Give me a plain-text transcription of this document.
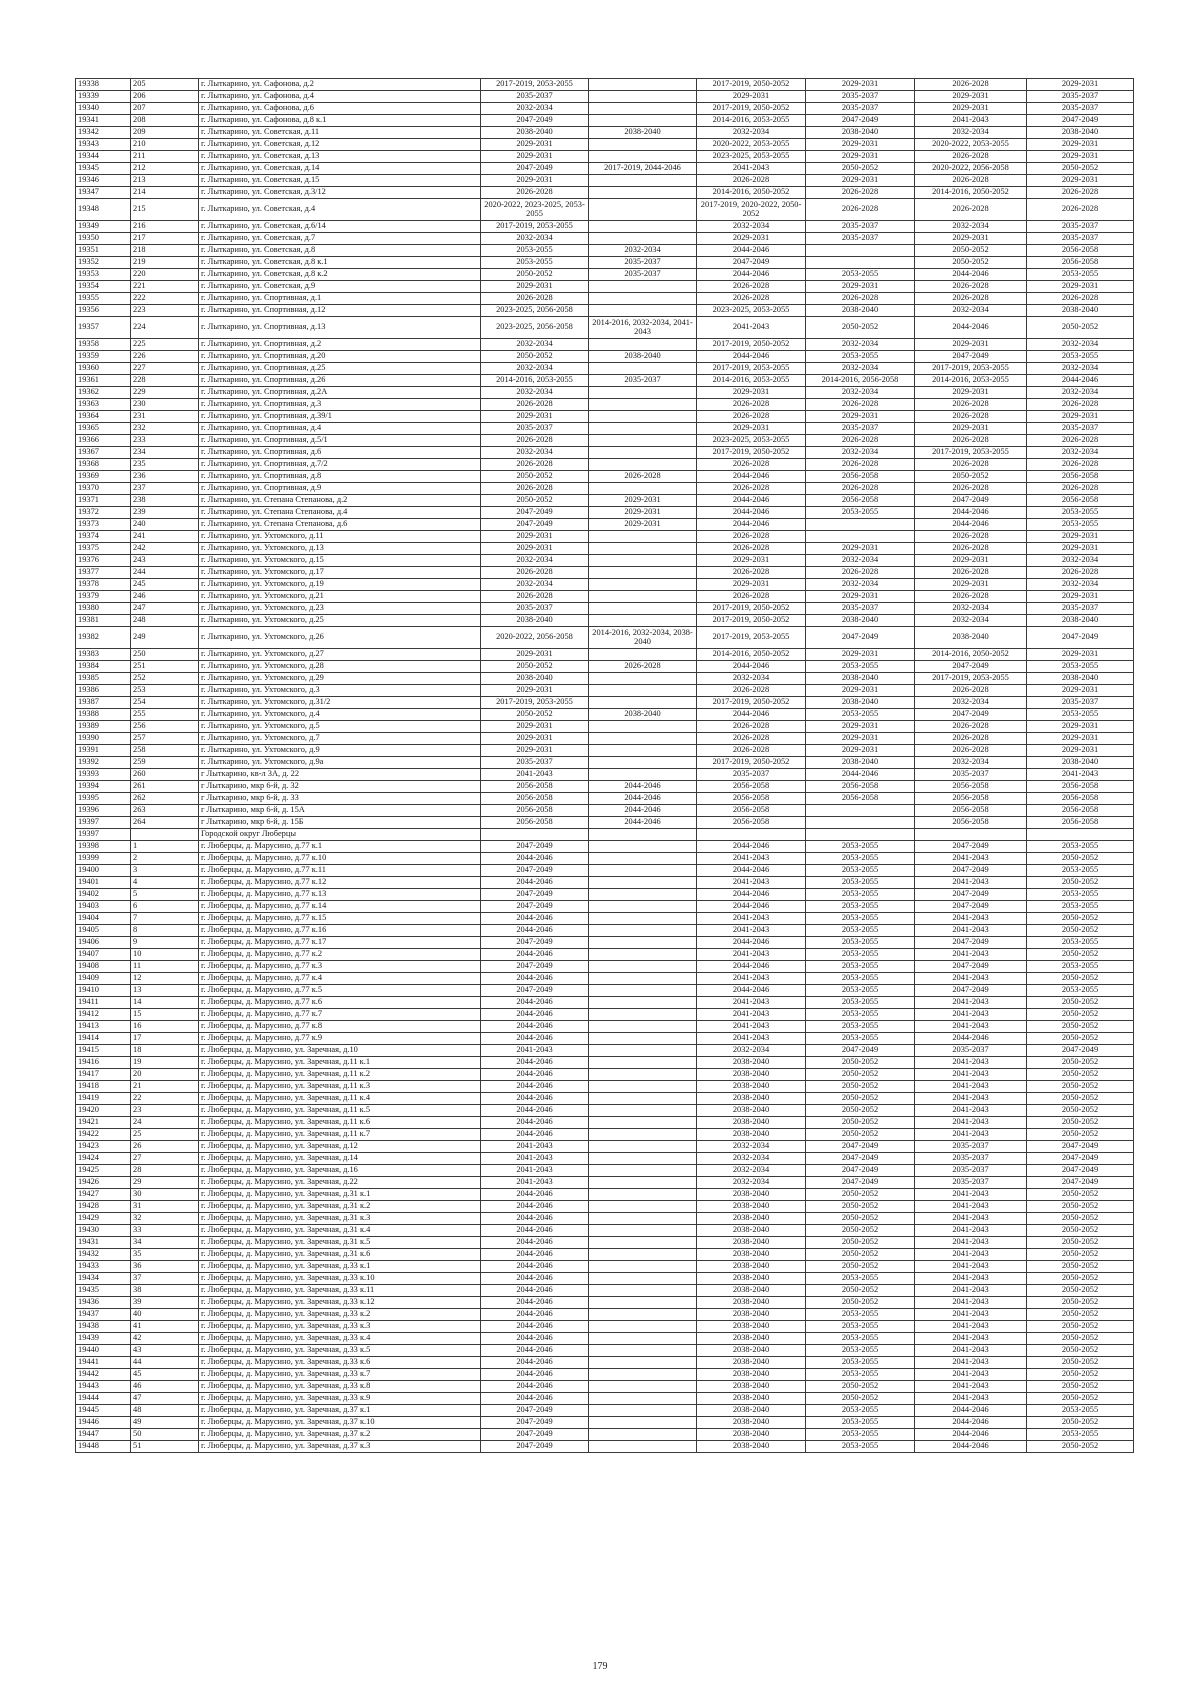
19338	205	г. Лыткарино, ул. Сафонова, д.2	2017-2019, 2053-2055		2017-2019, 2050-2052	2029-2031	2026-2028	2029-2031
19339	206	г. Лыткарино, ул. Сафонова, д.4	2035-2037		2029-2031	2035-2037	2029-2031	2035-2037
19340	207	г. Лыткарино, ул. Сафонова, д.6	2032-2034		2017-2019, 2050-2052	2035-2037	2029-2031	2035-2037
19341	208	г. Лыткарино, ул. Сафонова, д.8 к.1	2047-2049		2014-2016, 2053-2055	2047-2049	2041-2043	2047-2049
19342	209	г. Лыткарино, ул. Советская, д.11	2038-2040	2038-2040	2032-2034	2038-2040	2032-2034	2038-2040
19343	210	г. Лыткарино, ул. Советская, д.12	2029-2031		2020-2022, 2053-2055	2029-2031	2020-2022, 2053-2055	2029-2031
19344	211	г. Лыткарино, ул. Советская, д.13	2029-2031		2023-2025, 2053-2055	2029-2031	2026-2028	2029-2031
19345	212	г. Лыткарино, ул. Советская, д.14	2047-2049	2017-2019, 2044-2046	2041-2043	2050-2052	2020-2022, 2056-2058	2050-2052
19346	213	г. Лыткарино, ул. Советская, д.15	2029-2031		2026-2028	2029-2031	2026-2028	2029-2031
19347	214	г. Лыткарино, ул. Советская, д.3/12	2026-2028		2014-2016, 2050-2052	2026-2028	2014-2016, 2050-2052	2026-2028
19348	215	г. Лыткарино, ул. Советская, д.4	2020-2022, 2023-2025, 2053-2055		2017-2019, 2020-2022, 2050-2052	2026-2028	2026-2028	2026-2028
19349	216	г. Лыткарино, ул. Советская, д.6/14	2017-2019, 2053-2055		2032-2034	2035-2037	2032-2034	2035-2037
19350	217	г. Лыткарино, ул. Советская, д.7	2032-2034		2029-2031	2035-2037	2029-2031	2035-2037
19351	218	г. Лыткарино, ул. Советская, д.8	2053-2055	2032-2034	2044-2046		2050-2052	2056-2058
19352	219	г. Лыткарино, ул. Советская, д.8 к.1	2053-2055	2035-2037	2047-2049		2050-2052	2056-2058
19353	220	г. Лыткарино, ул. Советская, д.8 к.2	2050-2052	2035-2037	2044-2046	2053-2055	2044-2046	2053-2055
19354	221	г. Лыткарино, ул. Советская, д.9	2029-2031		2026-2028	2029-2031	2026-2028	2029-2031
19355	222	г. Лыткарино, ул. Спортивная, д.1	2026-2028		2026-2028	2026-2028	2026-2028	2026-2028
19356	223	г. Лыткарино, ул. Спортивная, д.12	2023-2025, 2056-2058		2023-2025, 2053-2055	2038-2040	2032-2034	2038-2040
19357	224	г. Лыткарино, ул. Спортивная, д.13	2023-2025, 2056-2058	2014-2016, 2032-2034, 2041-2043	2041-2043	2050-2052	2044-2046	2050-2052
19358	225	г. Лыткарино, ул. Спортивная, д.2	2032-2034		2017-2019, 2050-2052	2032-2034	2029-2031	2032-2034
19359	226	г. Лыткарино, ул. Спортивная, д.20	2050-2052	2038-2040	2044-2046	2053-2055	2047-2049	2053-2055
19360	227	г. Лыткарино, ул. Спортивная, д.25	2032-2034		2017-2019, 2053-2055	2032-2034	2017-2019, 2053-2055	2032-2034
19361	228	г. Лыткарино, ул. Спортивная, д.26	2014-2016, 2053-2055	2035-2037	2014-2016, 2053-2055	2014-2016, 2056-2058	2014-2016, 2053-2055	2044-2046
19362	229	г. Лыткарино, ул. Спортивная, д.2А	2032-2034		2029-2031	2032-2034	2029-2031	2032-2034
19363	230	г. Лыткарино, ул. Спортивная, д.3	2026-2028		2026-2028	2026-2028	2026-2028	2026-2028
19364	231	г. Лыткарино, ул. Спортивная, д.39/1	2029-2031		2026-2028	2029-2031	2026-2028	2029-2031
19365	232	г. Лыткарино, ул. Спортивная, д.4	2035-2037		2029-2031	2035-2037	2029-2031	2035-2037
19366	233	г. Лыткарино, ул. Спортивная, д.5/1	2026-2028		2023-2025, 2053-2055	2026-2028	2026-2028	2026-2028
19367	234	г. Лыткарино, ул. Спортивная, д.6	2032-2034		2017-2019, 2050-2052	2032-2034	2017-2019, 2053-2055	2032-2034
19368	235	г. Лыткарино, ул. Спортивная, д.7/2	2026-2028		2026-2028	2026-2028	2026-2028	2026-2028
19369	236	г. Лыткарино, ул. Спортивная, д.8	2050-2052	2026-2028	2044-2046	2056-2058	2050-2052	2056-2058
19370	237	г. Лыткарино, ул. Спортивная, д.9	2026-2028		2026-2028	2026-2028	2026-2028	2026-2028
19371	238	г. Лыткарино, ул. Степана Степанова, д.2	2050-2052	2029-2031	2044-2046	2056-2058	2047-2049	2056-2058
19372	239	г. Лыткарино, ул. Степана Степанова, д.4	2047-2049	2029-2031	2044-2046	2053-2055	2044-2046	2053-2055
19373	240	г. Лыткарино, ул. Степана Степанова, д.6	2047-2049	2029-2031	2044-2046		2044-2046	2053-2055
19374	241	г. Лыткарино, ул. Ухтомского, д.11	2029-2031		2026-2028		2026-2028	2029-2031
19375	242	г. Лыткарино, ул. Ухтомского, д.13	2029-2031		2026-2028	2029-2031	2026-2028	2029-2031
19376	243	г. Лыткарино, ул. Ухтомского, д.15	2032-2034		2029-2031	2032-2034	2029-2031	2032-2034
19377	244	г. Лыткарино, ул. Ухтомского, д.17	2026-2028		2026-2028	2026-2028	2026-2028	2026-2028
19378	245	г. Лыткарино, ул. Ухтомского, д.19	2032-2034		2029-2031	2032-2034	2029-2031	2032-2034
19379	246	г. Лыткарино, ул. Ухтомского, д.21	2026-2028		2026-2028	2029-2031	2026-2028	2029-2031
19380	247	г. Лыткарино, ул. Ухтомского, д.23	2035-2037		2017-2019, 2050-2052	2035-2037	2032-2034	2035-2037
19381	248	г. Лыткарино, ул. Ухтомского, д.25	2038-2040		2017-2019, 2050-2052	2038-2040	2032-2034	2038-2040
19382	249	г. Лыткарино, ул. Ухтомского, д.26	2020-2022, 2056-2058	2014-2016, 2032-2034, 2038-2040	2017-2019, 2053-2055	2047-2049	2038-2040	2047-2049
19383	250	г. Лыткарино, ул. Ухтомского, д.27	2029-2031		2014-2016, 2050-2052	2029-2031	2014-2016, 2050-2052	2029-2031
19384	251	г. Лыткарино, ул. Ухтомского, д.28	2050-2052	2026-2028	2044-2046	2053-2055	2047-2049	2053-2055
19385	252	г. Лыткарино, ул. Ухтомского, д.29	2038-2040		2032-2034	2038-2040	2017-2019, 2053-2055	2038-2040
19386	253	г. Лыткарино, ул. Ухтомского, д.3	2029-2031		2026-2028	2029-2031	2026-2028	2029-2031
19387	254	г. Лыткарино, ул. Ухтомского, д.31/2	2017-2019, 2053-2055		2017-2019, 2050-2052	2038-2040	2032-2034	2035-2037
19388	255	г. Лыткарино, ул. Ухтомского, д.4	2050-2052	2038-2040	2044-2046	2053-2055	2047-2049	2053-2055
19389	256	г. Лыткарино, ул. Ухтомского, д.5	2029-2031		2026-2028	2029-2031	2026-2028	2029-2031
19390	257	г. Лыткарино, ул. Ухтомского, д.7	2029-2031		2026-2028	2029-2031	2026-2028	2029-2031
19391	258	г. Лыткарино, ул. Ухтомского, д.9	2029-2031		2026-2028	2029-2031	2026-2028	2029-2031
19392	259	г. Лыткарино, ул. Ухтомского, д.9а	2035-2037		2017-2019, 2050-2052	2038-2040	2032-2034	2038-2040
19393	260	г Лыткарино, кв-л 3А, д. 22	2041-2043		2035-2037	2044-2046	2035-2037	2041-2043
19394	261	г Лыткарино, мкр 6-й, д. 32	2056-2058	2044-2046	2056-2058	2056-2058	2056-2058	2056-2058
19395	262	г Лыткарино, мкр 6-й, д. 33	2056-2058	2044-2046	2056-2058	2056-2058	2056-2058	2056-2058
19396	263	г Лыткарино, мкр 6-й, д. 15А	2056-2058	2044-2046	2056-2058		2056-2058	2056-2058
19397	264	г Лыткарино, мкр 6-й, д. 15Б	2056-2058	2044-2046	2056-2058		2056-2058	2056-2058
19397		Городской округ Люберцы						
19398	1	г. Люберцы, д. Марусино, д.77 к.1	2047-2049		2044-2046	2053-2055	2047-2049	2053-2055
19399	2	г. Люберцы, д. Марусино, д.77 к.10	2044-2046		2041-2043	2053-2055	2041-2043	2050-2052
19400	3	г. Люберцы, д. Марусино, д.77 к.11	2047-2049		2044-2046	2053-2055	2047-2049	2053-2055
19401	4	г. Люберцы, д. Марусино, д.77 к.12	2044-2046		2041-2043	2053-2055	2041-2043	2050-2052
19402	5	г. Люберцы, д. Марусино, д.77 к.13	2047-2049		2044-2046	2053-2055	2047-2049	2053-2055
19403	6	г. Люберцы, д. Марусино, д.77 к.14	2047-2049		2044-2046	2053-2055	2047-2049	2053-2055
19404	7	г. Люберцы, д. Марусино, д.77 к.15	2044-2046		2041-2043	2053-2055	2041-2043	2050-2052
19405	8	г. Люберцы, д. Марусино, д.77 к.16	2044-2046		2041-2043	2053-2055	2041-2043	2050-2052
19406	9	г. Люберцы, д. Марусино, д.77 к.17	2047-2049		2044-2046	2053-2055	2047-2049	2053-2055
19407	10	г. Люберцы, д. Марусино, д.77 к.2	2044-2046		2041-2043	2053-2055	2041-2043	2050-2052
19408	11	г. Люберцы, д. Марусино, д.77 к.3	2047-2049		2044-2046	2053-2055	2047-2049	2053-2055
19409	12	г. Люберцы, д. Марусино, д.77 к.4	2044-2046		2041-2043	2053-2055	2041-2043	2050-2052
19410	13	г. Люберцы, д. Марусино, д.77 к.5	2047-2049		2044-2046	2053-2055	2047-2049	2053-2055
19411	14	г. Люберцы, д. Марусино, д.77 к.6	2044-2046		2041-2043	2053-2055	2041-2043	2050-2052
19412	15	г. Люберцы, д. Марусино, д.77 к.7	2044-2046		2041-2043	2053-2055	2041-2043	2050-2052
19413	16	г. Люберцы, д. Марусино, д.77 к.8	2044-2046		2041-2043	2053-2055	2041-2043	2050-2052
19414	17	г. Люберцы, д. Марусино, д.77 к.9	2044-2046		2041-2043	2053-2055	2044-2046	2050-2052
19415	18	г. Люберцы, д. Марусино, ул. Заречная, д.10	2041-2043		2032-2034	2047-2049	2035-2037	2047-2049
19416	19	г. Люберцы, д. Марусино, ул. Заречная, д.11 к.1	2044-2046		2038-2040	2050-2052	2041-2043	2050-2052
19417	20	г. Люберцы, д. Марусино, ул. Заречная, д.11 к.2	2044-2046		2038-2040	2050-2052	2041-2043	2050-2052
19418	21	г. Люберцы, д. Марусино, ул. Заречная, д.11 к.3	2044-2046		2038-2040	2050-2052	2041-2043	2050-2052
19419	22	г. Люберцы, д. Марусино, ул. Заречная, д.11 к.4	2044-2046		2038-2040	2050-2052	2041-2043	2050-2052
19420	23	г. Люберцы, д. Марусино, ул. Заречная, д.11 к.5	2044-2046		2038-2040	2050-2052	2041-2043	2050-2052
19421	24	г. Люберцы, д. Марусино, ул. Заречная, д.11 к.6	2044-2046		2038-2040	2050-2052	2041-2043	2050-2052
19422	25	г. Люберцы, д. Марусино, ул. Заречная, д.11 к.7	2044-2046		2038-2040	2050-2052	2041-2043	2050-2052
19423	26	г. Люберцы, д. Марусино, ул. Заречная, д.12	2041-2043		2032-2034	2047-2049	2035-2037	2047-2049
19424	27	г. Люберцы, д. Марусино, ул. Заречная, д.14	2041-2043		2032-2034	2047-2049	2035-2037	2047-2049
19425	28	г. Люберцы, д. Марусино, ул. Заречная, д.16	2041-2043		2032-2034	2047-2049	2035-2037	2047-2049
19426	29	г. Люберцы, д. Марусино, ул. Заречная, д.22	2041-2043		2032-2034	2047-2049	2035-2037	2047-2049
19427	30	г. Люберцы, д. Марусино, ул. Заречная, д.31 к.1	2044-2046		2038-2040	2050-2052	2041-2043	2050-2052
19428	31	г. Люберцы, д. Марусино, ул. Заречная, д.31 к.2	2044-2046		2038-2040	2050-2052	2041-2043	2050-2052
19429	32	г. Люберцы, д. Марусино, ул. Заречная, д.31 к.3	2044-2046		2038-2040	2050-2052	2041-2043	2050-2052
19430	33	г. Люберцы, д. Марусино, ул. Заречная, д.31 к.4	2044-2046		2038-2040	2050-2052	2041-2043	2050-2052
19431	34	г. Люберцы, д. Марусино, ул. Заречная, д.31 к.5	2044-2046		2038-2040	2050-2052	2041-2043	2050-2052
19432	35	г. Люберцы, д. Марусино, ул. Заречная, д.31 к.6	2044-2046		2038-2040	2050-2052	2041-2043	2050-2052
19433	36	г. Люберцы, д. Марусино, ул. Заречная, д.33 к.1	2044-2046		2038-2040	2050-2052	2041-2043	2050-2052
19434	37	г. Люберцы, д. Марусино, ул. Заречная, д.33 к.10	2044-2046		2038-2040	2053-2055	2041-2043	2050-2052
19435	38	г. Люберцы, д. Марусино, ул. Заречная, д.33 к.11	2044-2046		2038-2040	2050-2052	2041-2043	2050-2052
19436	39	г. Люберцы, д. Марусино, ул. Заречная, д.33 к.12	2044-2046		2038-2040	2050-2052	2041-2043	2050-2052
19437	40	г. Люберцы, д. Марусино, ул. Заречная, д.33 к.2	2044-2046		2038-2040	2053-2055	2041-2043	2050-2052
19438	41	г. Люберцы, д. Марусино, ул. Заречная, д.33 к.3	2044-2046		2038-2040	2053-2055	2041-2043	2050-2052
19439	42	г. Люберцы, д. Марусино, ул. Заречная, д.33 к.4	2044-2046		2038-2040	2053-2055	2041-2043	2050-2052
19440	43	г. Люберцы, д. Марусино, ул. Заречная, д.33 к.5	2044-2046		2038-2040	2053-2055	2041-2043	2050-2052
19441	44	г. Люберцы, д. Марусино, ул. Заречная, д.33 к.6	2044-2046		2038-2040	2053-2055	2041-2043	2050-2052
19442	45	г. Люберцы, д. Марусино, ул. Заречная, д.33 к.7	2044-2046		2038-2040	2053-2055	2041-2043	2050-2052
19443	46	г. Люберцы, д. Марусино, ул. Заречная, д.33 к.8	2044-2046		2038-2040	2050-2052	2041-2043	2050-2052
19444	47	г. Люберцы, д. Марусино, ул. Заречная, д.33 к.9	2044-2046		2038-2040	2050-2052	2041-2043	2050-2052
19445	48	г. Люберцы, д. Марусино, ул. Заречная, д.37 к.1	2047-2049		2038-2040	2053-2055	2044-2046	2053-2055
19446	49	г. Люберцы, д. Марусино, ул. Заречная, д.37 к.10	2047-2049		2038-2040	2053-2055	2044-2046	2050-2052
19447	50	г. Люберцы, д. Марусино, ул. Заречная, д.37 к.2	2047-2049		2038-2040	2053-2055	2044-2046	2053-2055
19448	51	г. Люберцы, д. Марусино, ул. Заречная, д.37 к.3	2047-2049		2038-2040	2053-2055	2044-2046	2050-2052
179
